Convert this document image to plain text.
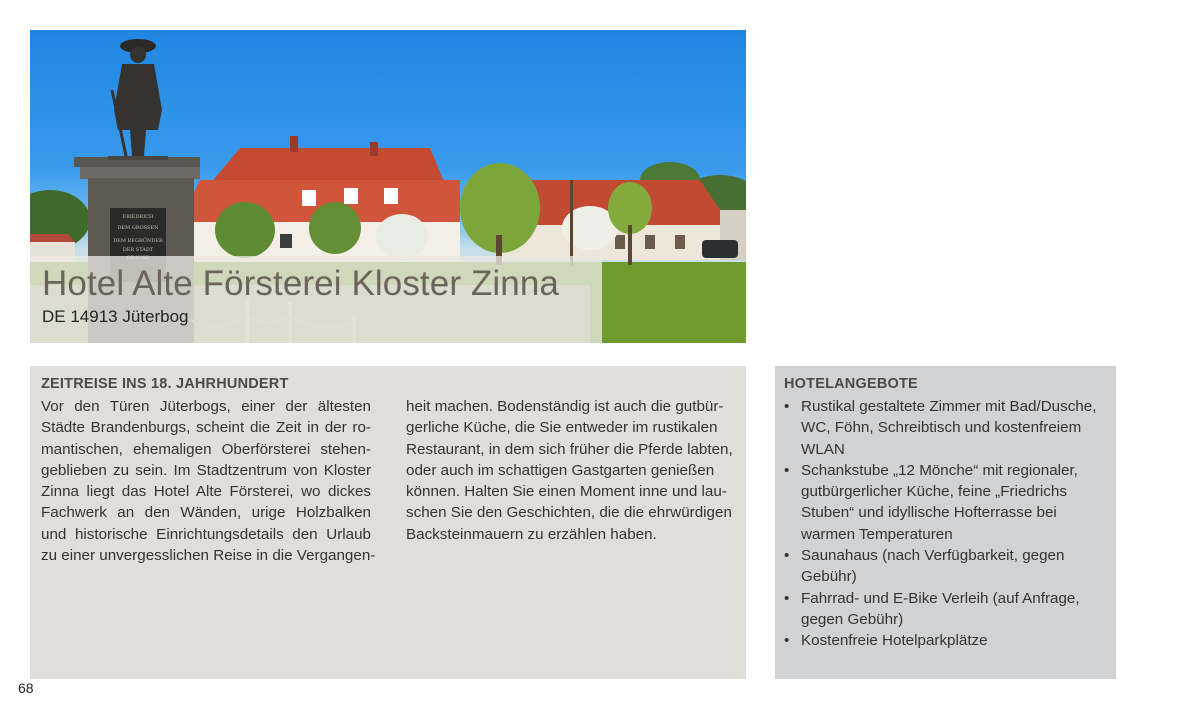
FRIEDRICH
DEM GROSSEN
DEM BEGRÜNDER
DER STADT
Hotel Alte Försterei Kloster Zinna
DE 14913 Jüterbog
ZEITREISE INS 18. JAHRHUNDERT
Vor den Türen Jüterbogs, einer der ältesten
Städte Brandenburgs, scheint die Zeit in der ro-
mantischen, ehemaligen Oberförsterei stehen-
geblieben zu sein. Im Stadtzentrum von Kloster
Zinna liegt das Hotel Alte Försterei, wo dickes
Fachwerk an den Wänden, urige Holzbalken
und historische Einrichtungsdetails den Urlaub
zu einer unvergesslichen Reise in die Vergangen-
heit machen. Bodenständig ist auch die gutbür-
gerliche Küche, die Sie entweder im rustikalen
Restaurant, in dem sich früher die Pferde labten,
oder auch im schattigen Gastgarten genießen
können. Halten Sie einen Moment inne und lau-
schen Sie den Geschichten, die die ehrwürdigen
Backsteinmauern zu erzählen haben.
HOTELANGEBOTE
• Rustikal gestaltete Zimmer mit Bad/Dusche,
WC, Föhn, Schreibtisch und kostenfreiem
WLAN
• Schankstube „12 Mönche“ mit regionaler,
gutbürgerlicher Küche, feine „Friedrichs
Stuben“ und idyllische Hofterrasse bei
warmen Temperaturen
• Saunahaus (nach Verfügbarkeit, gegen
Gebühr)
• Fahrrad- und E-Bike Verleih (auf Anfrage,
gegen Gebühr)
• Kostenfreie Hotelparkplätze
68
